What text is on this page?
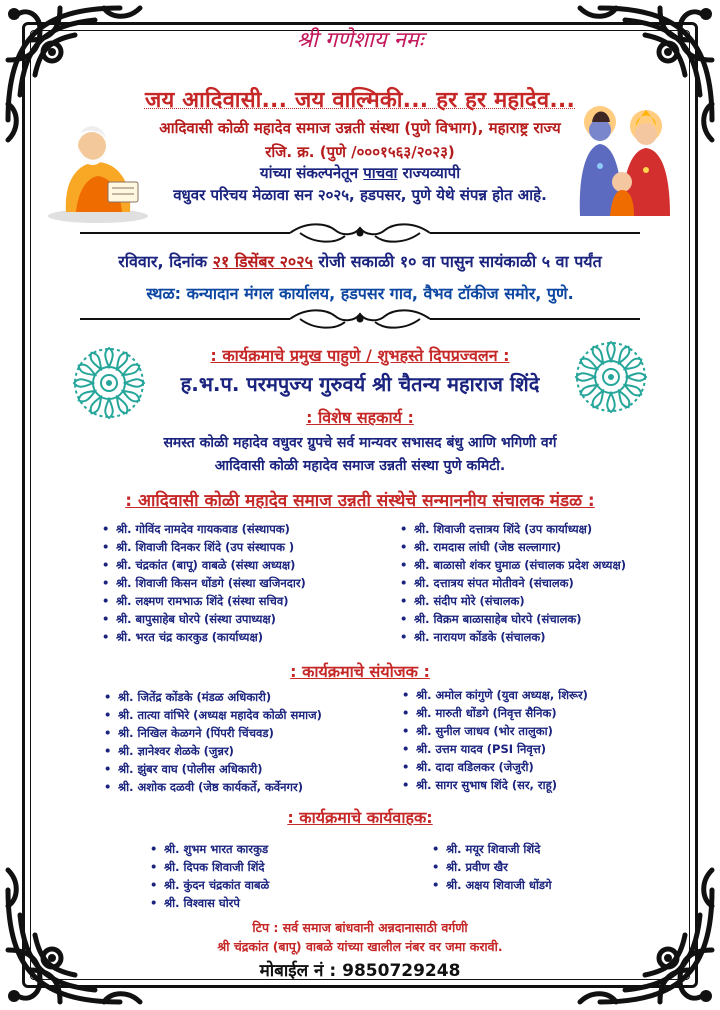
श्री गणेशाय नमः
जय आदिवासी... जय वाल्मिकी... हर हर महादेव...
आदिवासी कोळी महादेव समाज उन्नती संस्था (पुणे विभाग), महाराष्ट्र राज्य
रजि. क्र. (पुणे /०००१५६३/२०२३)
यांच्या संकल्पनेतून पाचवा राज्यव्यापी
वधुवर परिचय मेळावा सन २०२५, हडपसर, पुणे येथे संपन्न होत आहे.
रविवार, दिनांक २१ डिसेंबर २०२५ रोजी सकाळी १० वा पासुन सायंकाळी ५ वा पर्यंत
स्थळ: कन्यादान मंगल कार्यालय, हडपसर गाव, वैभव टॉकीज समोर, पुणे.
: कार्यक्रमाचे प्रमुख पाहुणे / शुभहस्ते दिपप्रज्वलन :
ह.भ.प. परमपुज्य गुरुवर्य श्री चैतन्य महाराज शिंदे
: विशेष सहकार्य :
समस्त कोळी महादेव वधुवर ग्रुपचे सर्व मान्यवर सभासद बंधु आणि भगिणी वर्ग
आदिवासी कोळी महादेव समाज उन्नती संस्था पुणे कमिटी.
: आदिवासी कोळी महादेव समाज उन्नती संस्थेचे सन्माननीय संचालक मंडळ :
• श्री. गोविंद नामदेव गायकवाड (संस्थापक)
• श्री. शिवाजी दिनकर शिंदे (उप संस्थापक )
• श्री. चंद्रकांत (बापू) वाबळे (संस्था अध्यक्ष)
• श्री. शिवाजी किसन धोंडगे (संस्था खजिनदार)
• श्री. लक्ष्मण रामभाऊ शिंदे (संस्था सचिव)
• श्री. बापुसाहेब घोरपे (संस्था उपाध्यक्ष)
• श्री. भरत चंद्र कारकुड (कार्याध्यक्ष)
• श्री. शिवाजी दत्तात्रय शिंदे (उप कार्याध्यक्ष)
• श्री. रामदास लांघी (जेष्ठ सल्लागार)
• श्री. बाळासो शंकर घुमाळ (संचालक प्रदेश अध्यक्ष)
• श्री. दत्तात्रय संपत मोतीवने (संचालक)
• श्री. संदीप मोरे (संचालक)
• श्री. विक्रम बाळासाहेब घोरपे (संचालक)
• श्री. नारायण कोंडके (संचालक)
: कार्यक्रमाचे संयोजक :
• श्री. जितेंद्र कोंडके (मंडळ अधिकारी)
• श्री. तात्या वांभिरे (अध्यक्ष महादेव कोळी समाज)
• श्री. निखिल केळगने (पिंपरी चिंचवड)
• श्री. ज्ञानेश्वर शेळके (जुन्नर)
• श्री. झुंबर वाघ (पोलीस अधिकारी)
• श्री. अशोक दळवी (जेष्ठ कार्यकर्ते, कर्वेनगर)
• श्री. अमोल कांगुणे (युवा अध्यक्ष, शिरूर)
• श्री. मारुती धोंडगे (निवृत्त सैनिक)
• श्री. सुनील जाधव (भोर तालुका)
• श्री. उत्तम यादव (PSI निवृत्त)
• श्री. दादा वडिलकर (जेजुरी)
• श्री. सागर सुभाष शिंदे (सर, राहू)
: कार्यक्रमाचे कार्यवाहक:
• श्री. शुभम भारत कारकुड
• श्री. दिपक शिवाजी शिंदे
• श्री. कुंदन चंद्रकांत वाबळे
• श्री. विश्वास घोरपे
• श्री. मयूर शिवाजी शिंदे
• श्री. प्रवीण खैर
• श्री. अक्षय शिवाजी धोंडगे
टिप : सर्व समाज बांधवानी अन्नदानासाठी वर्गणी
श्री चंद्रकांत (बापू) वाबळे यांच्या खालील नंबर वर जमा करावी.
मोबाईल नं : 9850729248
